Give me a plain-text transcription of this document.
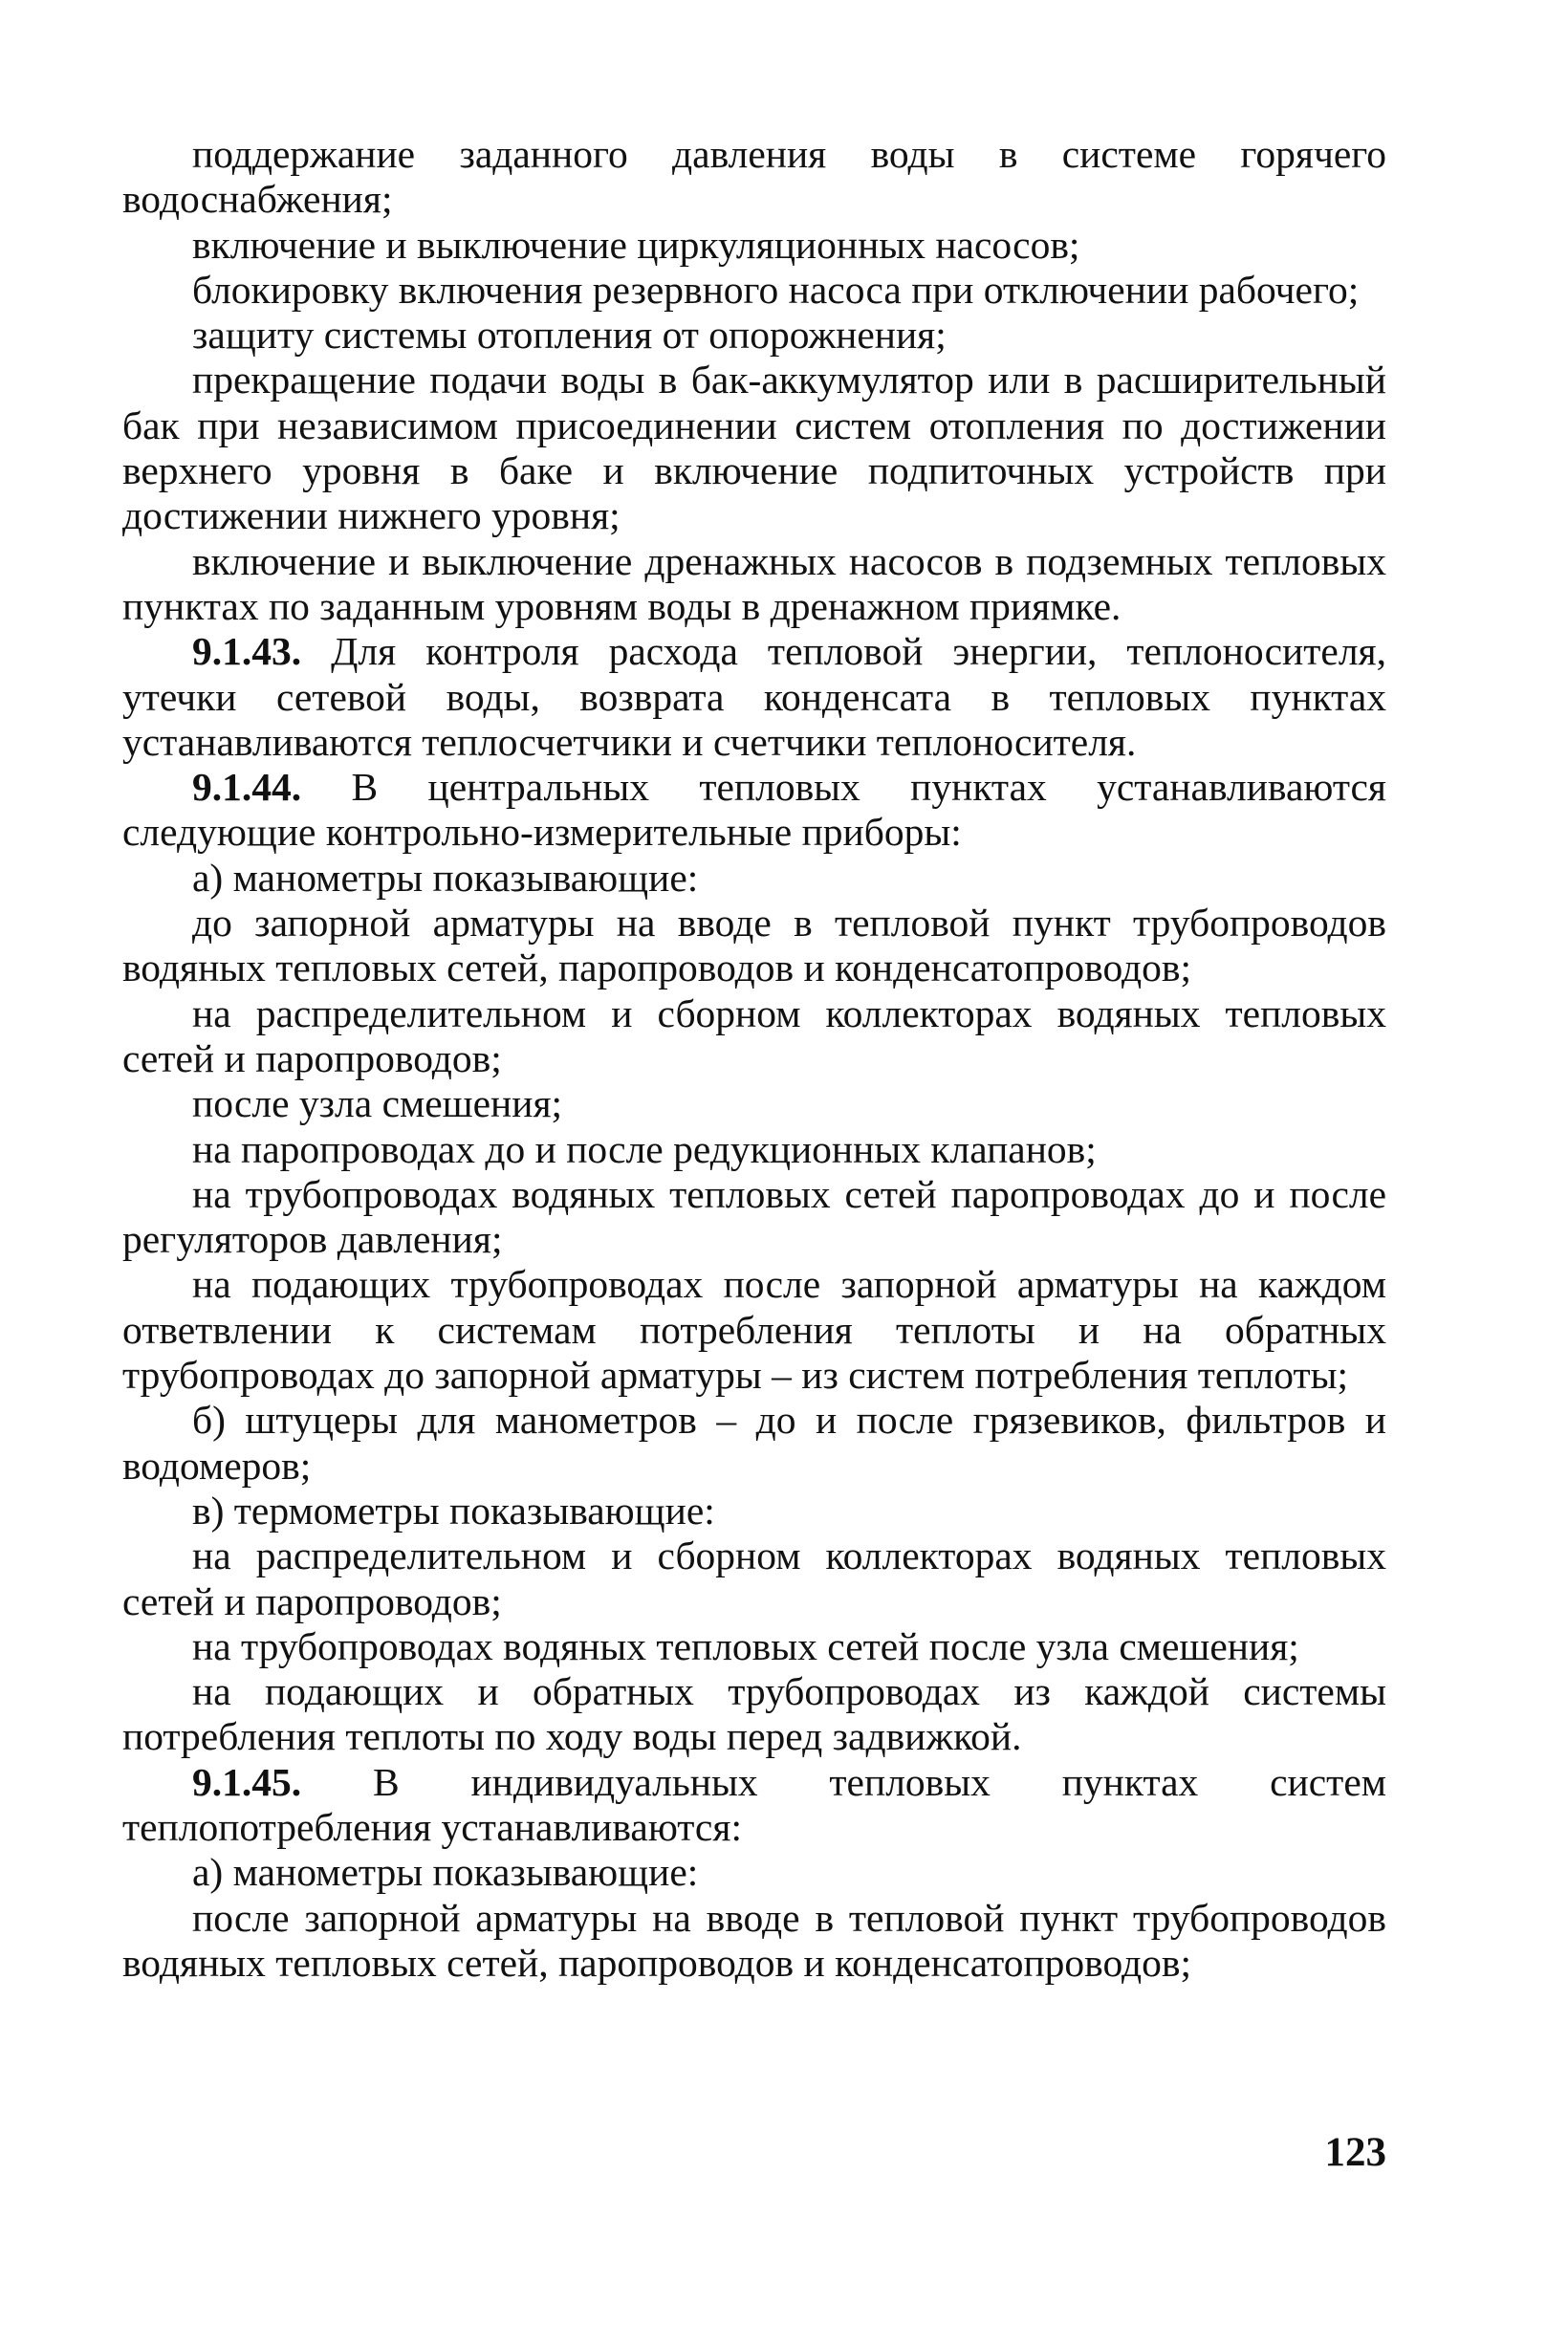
поддержание заданного давления воды в системе горячего водоснабжения;

включение и выключение циркуляционных насосов;

блокировку включения резервного насоса при отключении рабочего;

защиту системы отопления от опорожнения;

прекращение подачи воды в бак-аккумулятор или в расширительный бак при независимом присоединении систем отопления по достижении верхнего уровня в баке и включение подпиточных устройств при достижении нижнего уровня;

включение и выключение дренажных насосов в подземных тепловых пунктах по заданным уровням воды в дренажном приямке.

9.1.43. Для контроля расхода тепловой энергии, теплоносителя, утечки сетевой воды, возврата конденсата в тепловых пунктах устанавливаются теплосчетчики и счетчики теплоносителя.

9.1.44. В центральных тепловых пунктах устанавливаются следующие контрольно-измерительные приборы:

а) манометры показывающие:

до запорной арматуры на вводе в тепловой пункт трубопроводов водяных тепловых сетей, паропроводов и конденсатопроводов;

на распределительном и сборном коллекторах водяных тепловых сетей и паропроводов;

после узла смешения;

на паропроводах до и после редукционных клапанов;

на трубопроводах водяных тепловых сетей паропроводах до и после регуляторов давления;

на подающих трубопроводах после запорной арматуры на каждом ответвлении к системам потребления теплоты и на обратных трубопроводах до запорной арматуры – из систем потребления теплоты;

б) штуцеры для манометров – до и после грязевиков, фильтров и водомеров;

в) термометры показывающие:

на распределительном и сборном коллекторах водяных тепловых сетей и паропроводов;

на трубопроводах водяных тепловых сетей после узла смешения;

на подающих и обратных трубопроводах из каждой системы потребления теплоты по ходу воды перед задвижкой.

9.1.45. В индивидуальных тепловых пунктах систем теплопотребления устанавливаются:

а) манометры показывающие:

после запорной арматуры на вводе в тепловой пункт трубопроводов водяных тепловых сетей, паропроводов и конденсатопроводов;

123
